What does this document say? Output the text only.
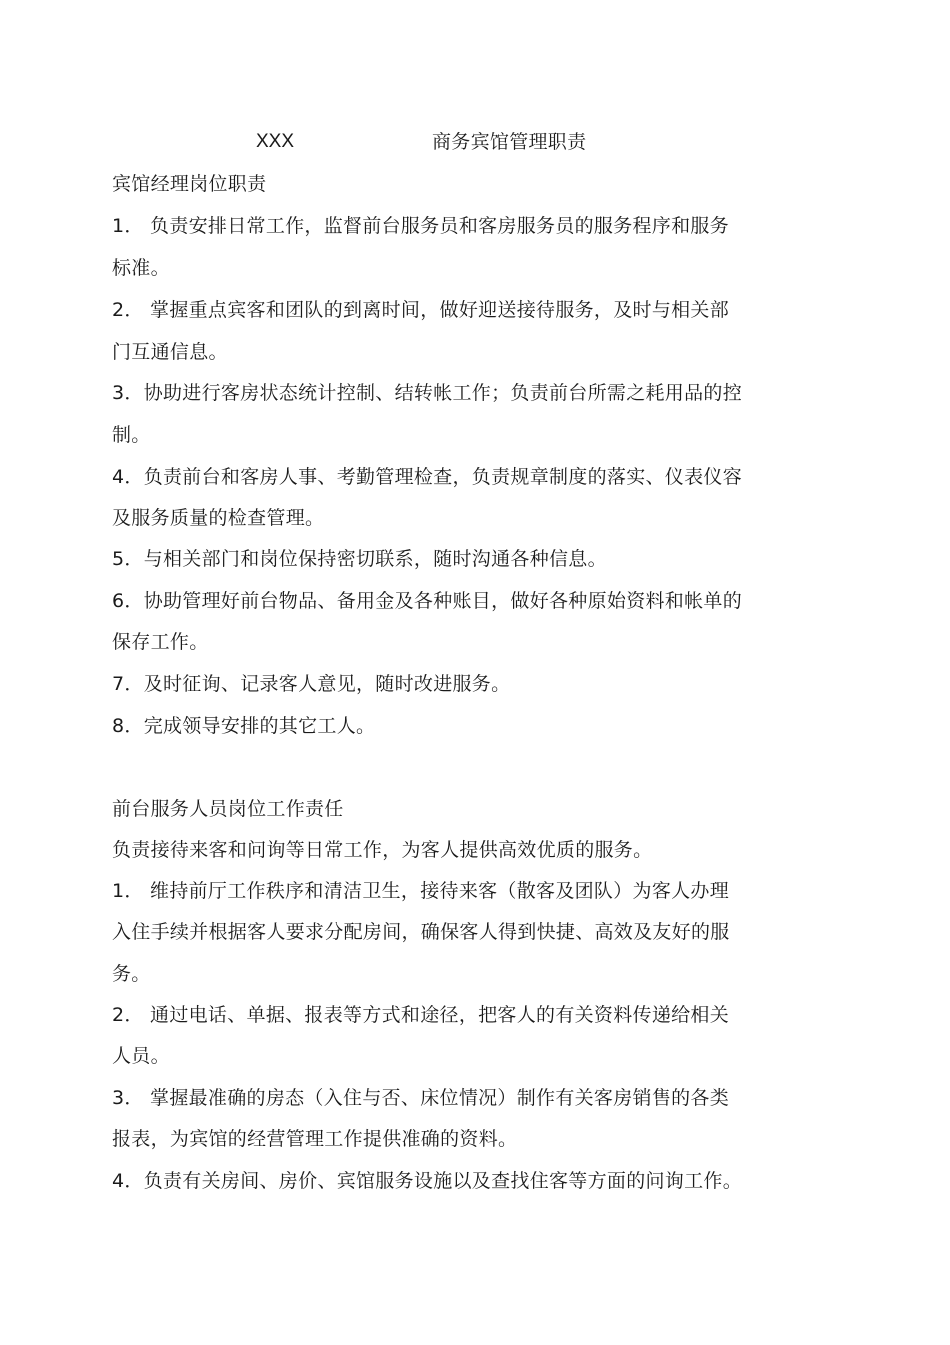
XXX	商务宾馆管理职责
宾馆经理岗位职责
1． 负责安排日常工作，监督前台服务员和客房服务员的服务程序和服务
标准。
2． 掌握重点宾客和团队的到离时间，做好迎送接待服务，及时与相关部
门互通信息。
3．协助进行客房状态统计控制、结转帐工作；负责前台所需之耗用品的控
制。
4．负责前台和客房人事、考勤管理检查，负责规章制度的落实、仪表仪容
及服务质量的检查管理。
5．与相关部门和岗位保持密切联系，随时沟通各种信息。
6．协助管理好前台物品、备用金及各种账目，做好各种原始资料和帐单的
保存工作。
7．及时征询、记录客人意见，随时改进服务。
8．完成领导安排的其它工人。
前台服务人员岗位工作责任
负责接待来客和问询等日常工作，为客人提供高效优质的服务。
1． 维持前厅工作秩序和清洁卫生，接待来客（散客及团队）为客人办理
入住手续并根据客人要求分配房间，确保客人得到快捷、高效及友好的服
务。
2． 通过电话、单据、报表等方式和途径，把客人的有关资料传递给相关
人员。
3． 掌握最准确的房态（入住与否、床位情况）制作有关客房销售的各类
报表，为宾馆的经营管理工作提供准确的资料。
4．负责有关房间、房价、宾馆服务设施以及查找住客等方面的问询工作。
